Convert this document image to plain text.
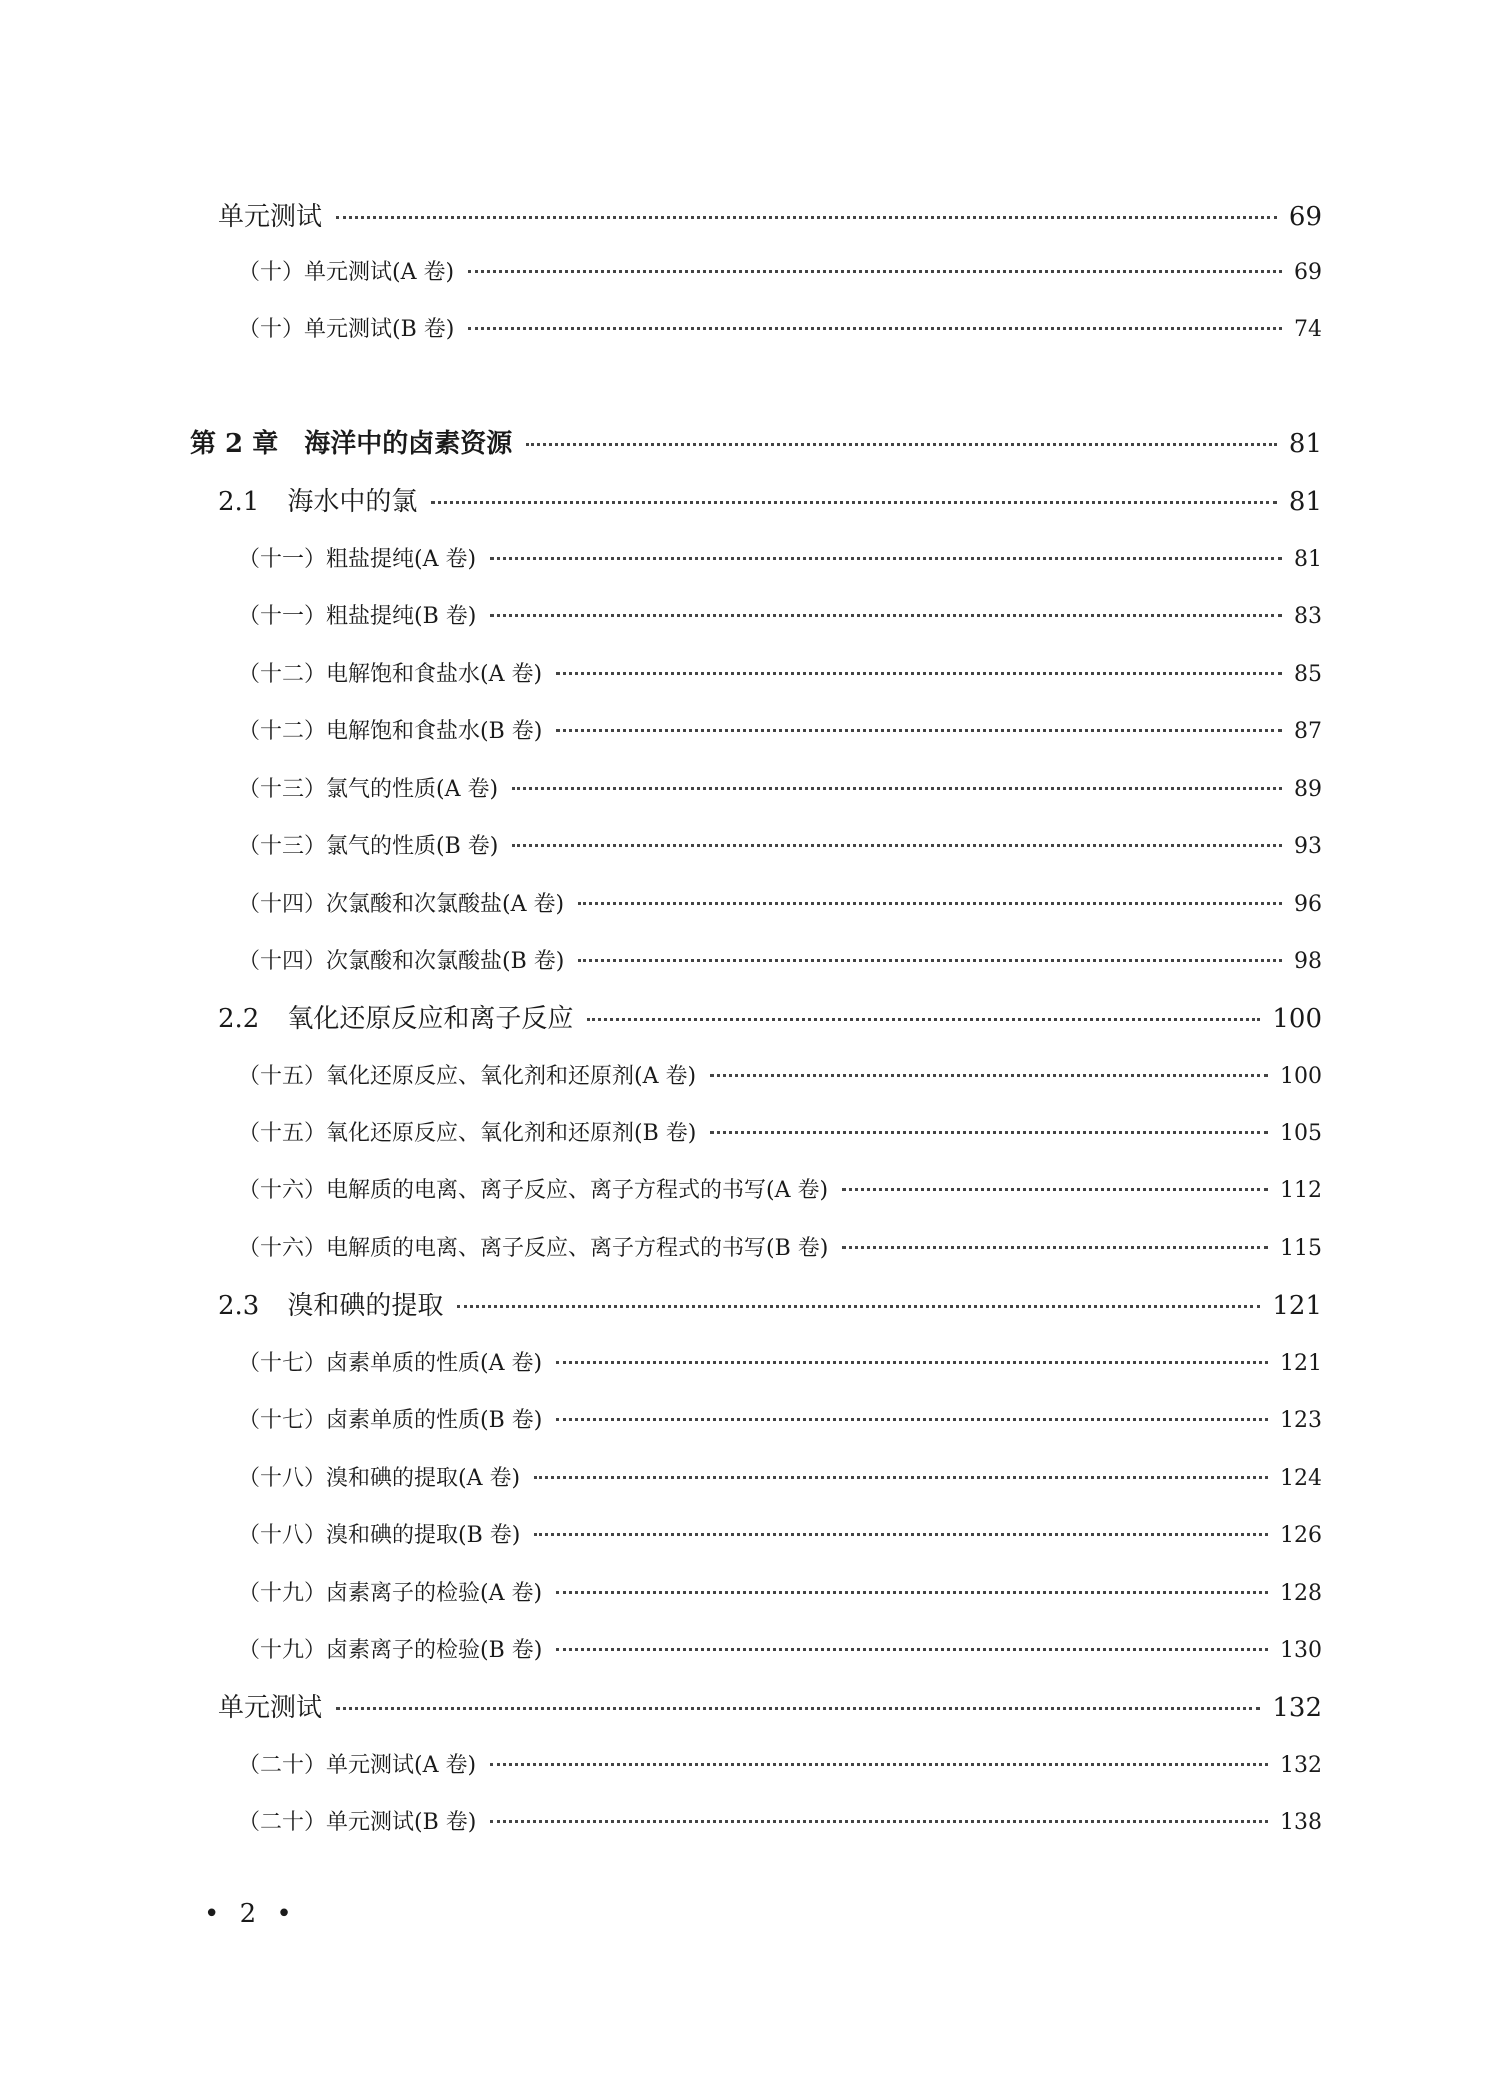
单元测试	69
（十）单元测试(A 卷)	69
（十）单元测试(B 卷)	74
第 2 章　海洋中的卤素资源	81
2.1 海水中的氯	81
（十一）粗盐提纯(A 卷)	81
（十一）粗盐提纯(B 卷)	83
（十二）电解饱和食盐水(A 卷)	85
（十二）电解饱和食盐水(B 卷)	87
（十三）氯气的性质(A 卷)	89
（十三）氯气的性质(B 卷)	93
（十四）次氯酸和次氯酸盐(A 卷)	96
（十四）次氯酸和次氯酸盐(B 卷)	98
2.2 氧化还原反应和离子反应	100
（十五）氧化还原反应、氧化剂和还原剂(A 卷)	100
（十五）氧化还原反应、氧化剂和还原剂(B 卷)	105
（十六）电解质的电离、离子反应、离子方程式的书写(A 卷)	112
（十六）电解质的电离、离子反应、离子方程式的书写(B 卷)	115
2.3 溴和碘的提取	121
（十七）卤素单质的性质(A 卷)	121
（十七）卤素单质的性质(B 卷)	123
（十八）溴和碘的提取(A 卷)	124
（十八）溴和碘的提取(B 卷)	126
（十九）卤素离子的检验(A 卷)	128
（十九）卤素离子的检验(B 卷)	130
单元测试	132
（二十）单元测试(A 卷)	132
（二十）单元测试(B 卷)	138
• 2 •
